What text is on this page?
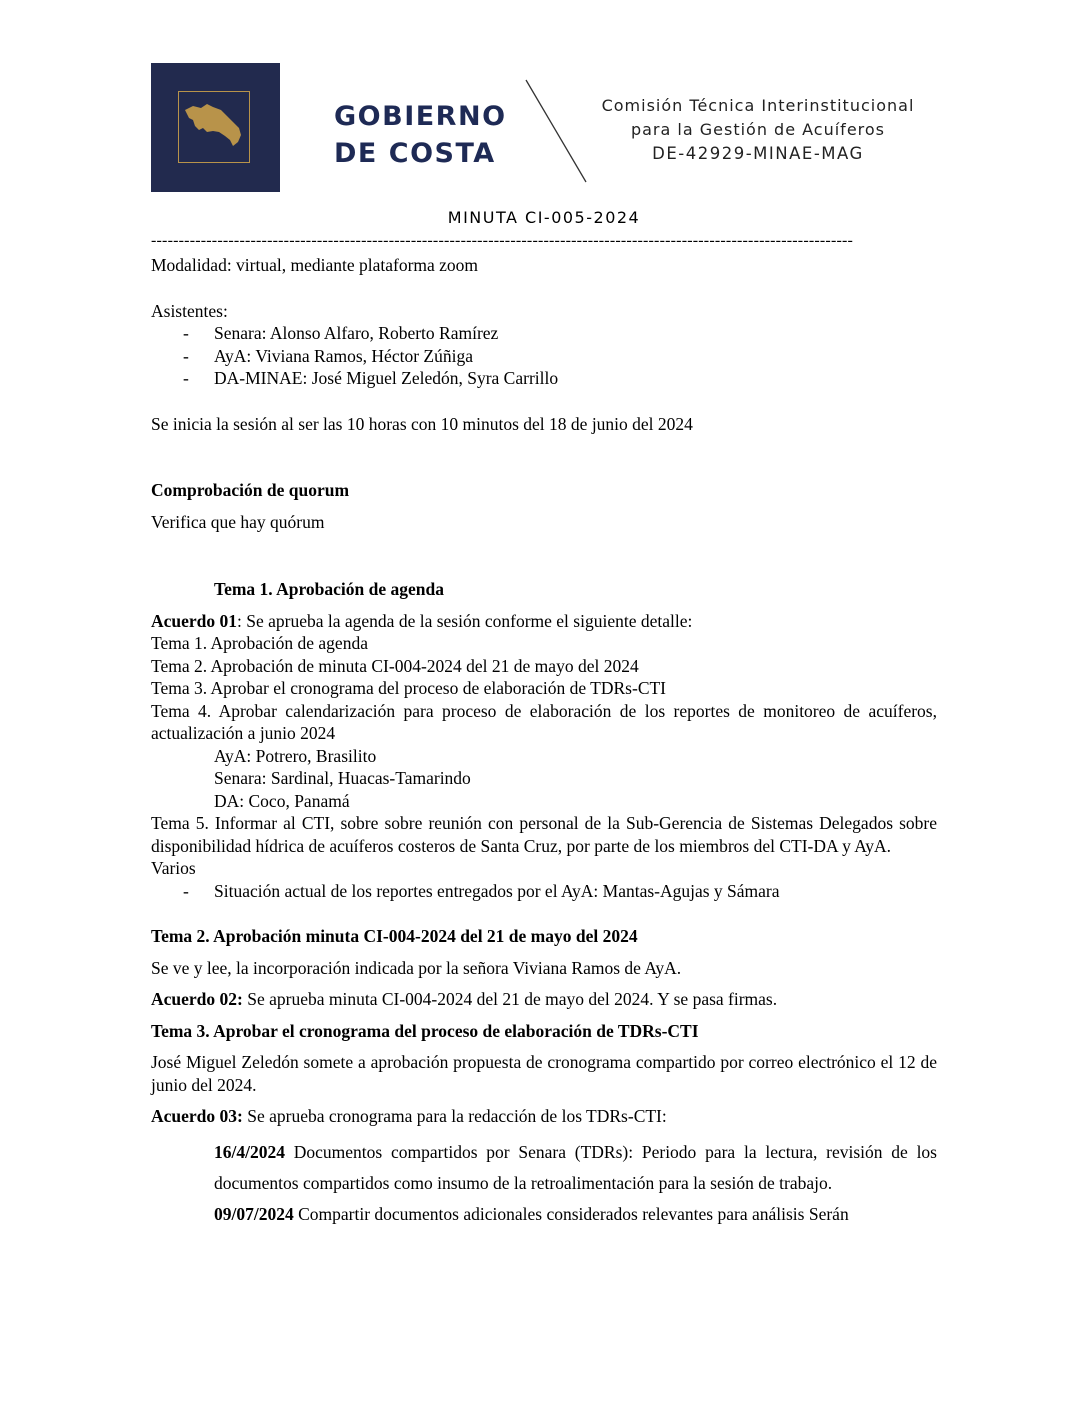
GOBIERNO
DE COSTA
Comisión Técnica Interinstitucional
para la Gestión de Acuíferos
DE-42929-MINAE-MAG
MINUTA CI-005-2024
-------------------------------------------------------------------------------------------------------------------------------

Modalidad: virtual, mediante plataforma zoom

Asistentes:

-	Senara: Alonso Alfaro, Roberto Ramírez
-	AyA: Viviana Ramos, Héctor Zúñiga
-	DA-MINAE: José Miguel Zeledón, Syra Carrillo

Se inicia la sesión al ser las 10 horas con 10 minutos del 18 de junio del 2024

Comprobación de quorum

Verifica que hay quórum

Tema 1. Aprobación de agenda

Acuerdo 01: Se aprueba la agenda de la sesión conforme el siguiente detalle:

Tema 1. Aprobación de agenda

Tema 2. Aprobación de minuta CI-004-2024 del 21 de mayo del 2024

Tema 3. Aprobar el cronograma del proceso de elaboración de TDRs-CTI

Tema 4. Aprobar calendarización para proceso de elaboración de los reportes de monitoreo de acuíferos, actualización a junio 2024

AyA: Potrero, Brasilito

Senara: Sardinal, Huacas-Tamarindo

DA: Coco, Panamá

Tema 5. Informar al CTI, sobre sobre reunión con personal de la Sub-Gerencia de Sistemas Delegados sobre disponibilidad hídrica de acuíferos costeros de Santa Cruz, por parte de los miembros del CTI-DA y AyA.

Varios

-	Situación actual de los reportes entregados por el AyA: Mantas-Agujas y Sámara

Tema 2. Aprobación minuta CI-004-2024 del 21 de mayo del 2024

Se ve y lee, la incorporación indicada por la señora Viviana Ramos de AyA.

Acuerdo 02: Se aprueba minuta CI-004-2024 del 21 de mayo del 2024. Y se pasa firmas.

Tema 3. Aprobar el cronograma del proceso de elaboración de TDRs-CTI

José Miguel Zeledón somete a aprobación propuesta de cronograma compartido por correo electrónico el 12 de junio del 2024.

Acuerdo 03: Se aprueba cronograma para la redacción de los TDRs-CTI:

16/4/2024 Documentos compartidos por Senara (TDRs): Periodo para la lectura, revisión de los documentos compartidos como insumo de la retroalimentación para la sesión de trabajo.

09/07/2024 Compartir documentos adicionales considerados relevantes para análisis Serán
